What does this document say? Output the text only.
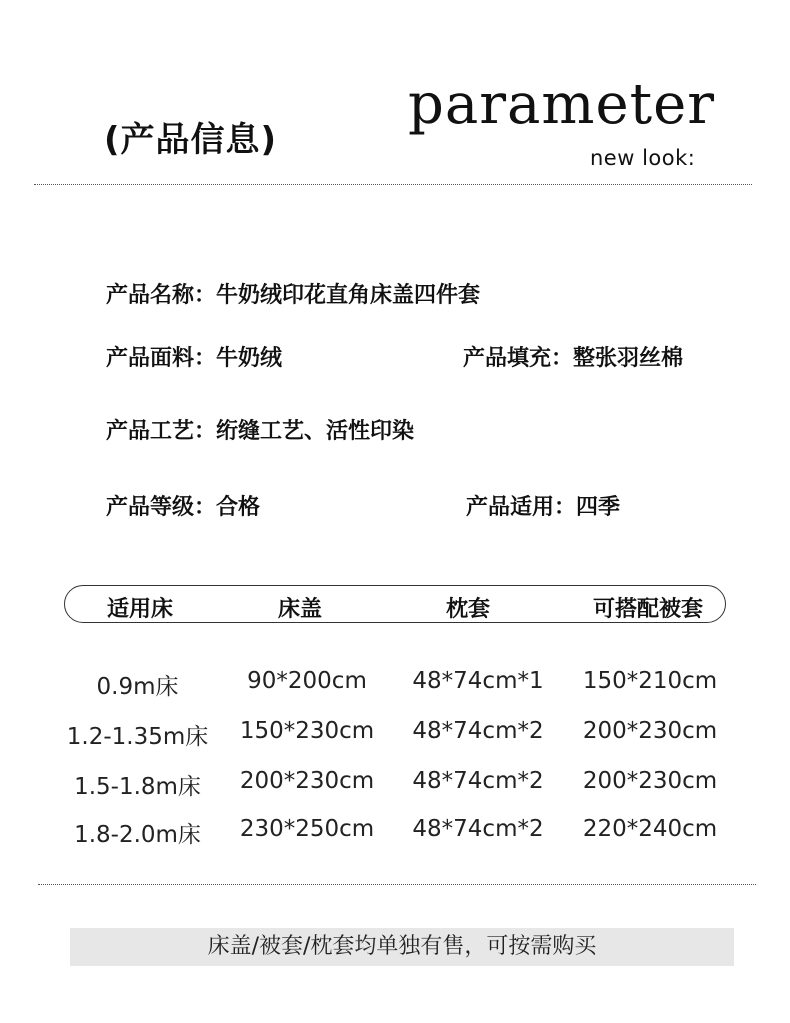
(产品信息)
parameter
new look:
产品名称：牛奶绒印花直角床盖四件套
产品面料：牛奶绒	产品填充：整张羽丝棉
产品工艺：绗缝工艺、活性印染
产品等级：合格	产品适用：四季
适用床	床盖	枕套	可搭配被套
0.9m床	90*200cm	48*74cm*1	150*210cm
1.2-1.35m床	150*230cm	48*74cm*2	200*230cm
1.5-1.8m床	200*230cm	48*74cm*2	200*230cm
1.8-2.0m床	230*250cm	48*74cm*2	220*240cm
床盖/被套/枕套均单独有售，可按需购买
